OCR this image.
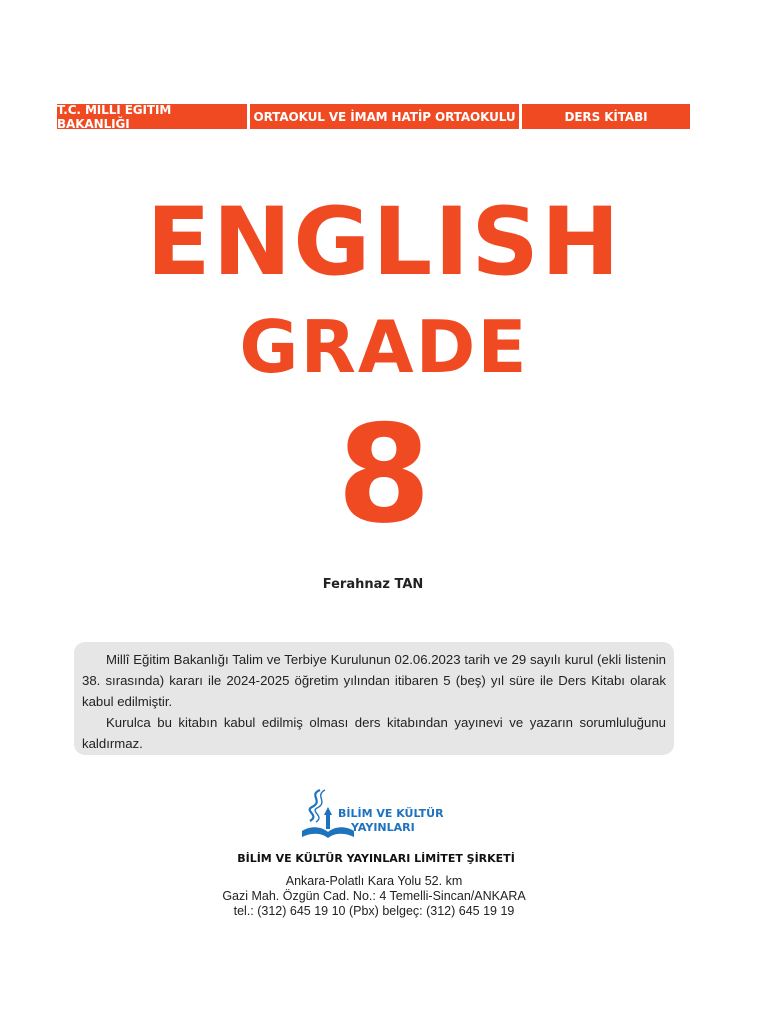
T.C. MİLLÎ EĞİTİM BAKANLIĞI	ORTAOKUL VE İMAM HATİP ORTAOKULU	DERS KİTABI
ENGLISH
GRADE
8
Ferahnaz TAN

Millî Eğitim Bakanlığı Talim ve Terbiye Kurulunun 02.06.2023 tarih ve 29 sayılı kurul (ekli listenin 38. sırasında) kararı ile 2024-2025 öğretim yılından itibaren 5 (beş) yıl süre ile Ders Kitabı olarak kabul edilmiştir.

Kurulca bu kitabın kabul edilmiş olması ders kitabından yayınevi ve yazarın sorumluluğunu kaldırmaz.

BİLİM VE KÜLTÜR
YAYINLARI
BİLİM VE KÜLTÜR YAYINLARI LİMİTET ŞİRKETİ
Ankara-Polatlı Kara Yolu 52. km
Gazi Mah. Özgün Cad. No.: 4 Temelli-Sincan/ANKARA
tel.: (312) 645 19 10 (Pbx) belgeç: (312) 645 19 19
